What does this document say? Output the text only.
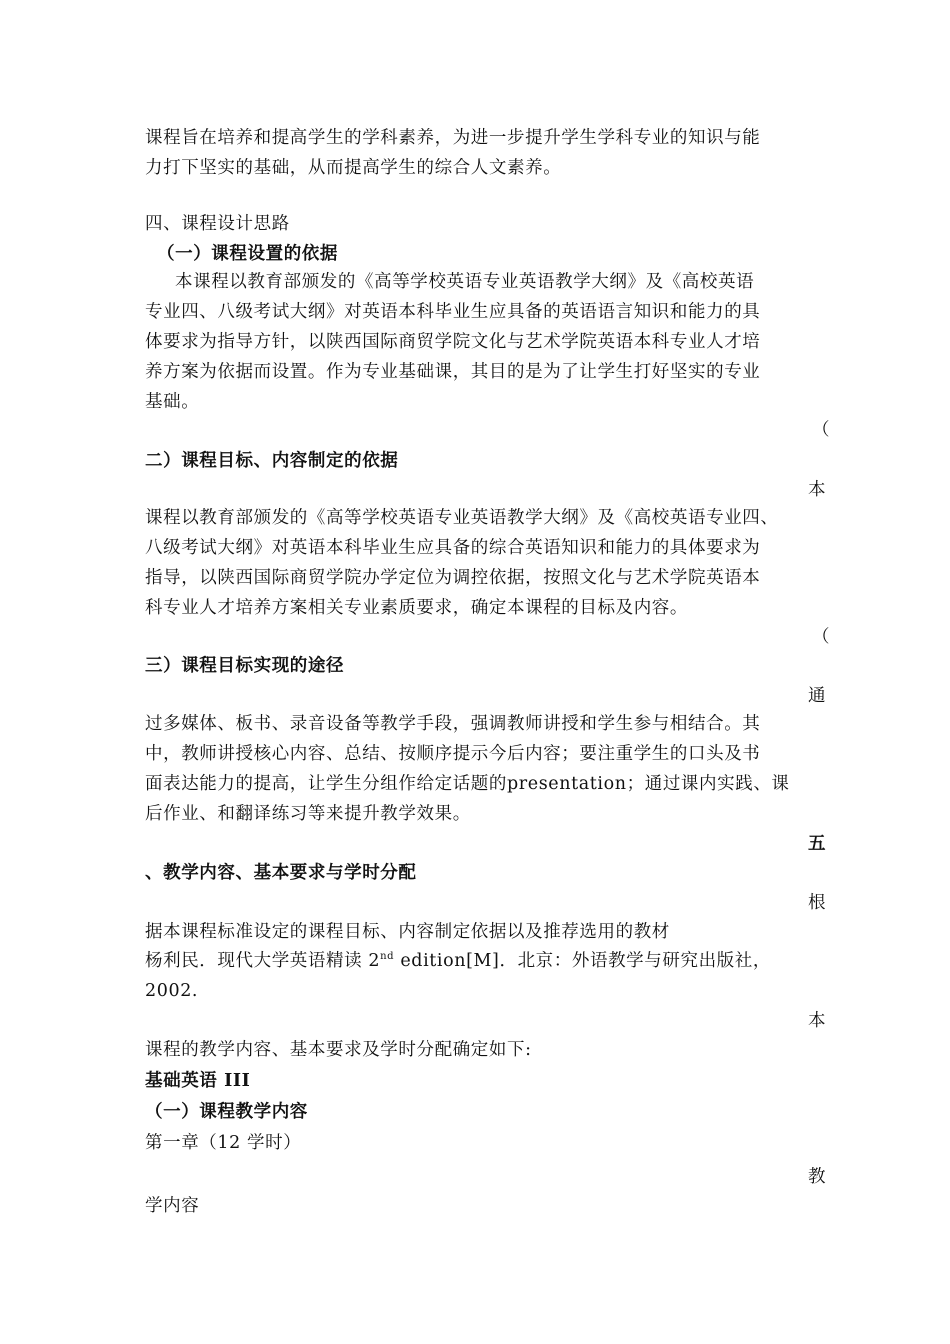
课程旨在培养和提高学生的学科素养，为进一步提升学生学科专业的知识与能
力打下坚实的基础，从而提高学生的综合人文素养。
四、课程设计思路
（一）课程设置的依据
本课程以教育部颁发的《高等学校英语专业英语教学大纲》及《高校英语
专业四、八级考试大纲》对英语本科毕业生应具备的英语语言知识和能力的具
体要求为指导方针，以陕西国际商贸学院文化与艺术学院英语本科专业人才培
养方案为依据而设置。作为专业基础课，其目的是为了让学生打好坚实的专业
基础。
（
二）课程目标、内容制定的依据
本
课程以教育部颁发的《高等学校英语专业英语教学大纲》及《高校英语专业四、
八级考试大纲》对英语本科毕业生应具备的综合英语知识和能力的具体要求为
指导，以陕西国际商贸学院办学定位为调控依据，按照文化与艺术学院英语本
科专业人才培养方案相关专业素质要求，确定本课程的目标及内容。
（
三）课程目标实现的途径
通
过多媒体、板书、录音设备等教学手段，强调教师讲授和学生参与相结合。其
中，教师讲授核心内容、总结、按顺序提示今后内容；要注重学生的口头及书
面表达能力的提高，让学生分组作给定话题的presentation；通过课内实践、课
后作业、和翻译练习等来提升教学效果。
五
、教学内容、基本要求与学时分配
根
据本课程标准设定的课程目标、内容制定依据以及推荐选用的教材
杨利民．现代大学英语精读 2nd edition[M]．北京：外语教学与研究出版社，
2002.
本
课程的教学内容、基本要求及学时分配确定如下:
基础英语 III
（一）课程教学内容
第一章（12 学时）
教
学内容
